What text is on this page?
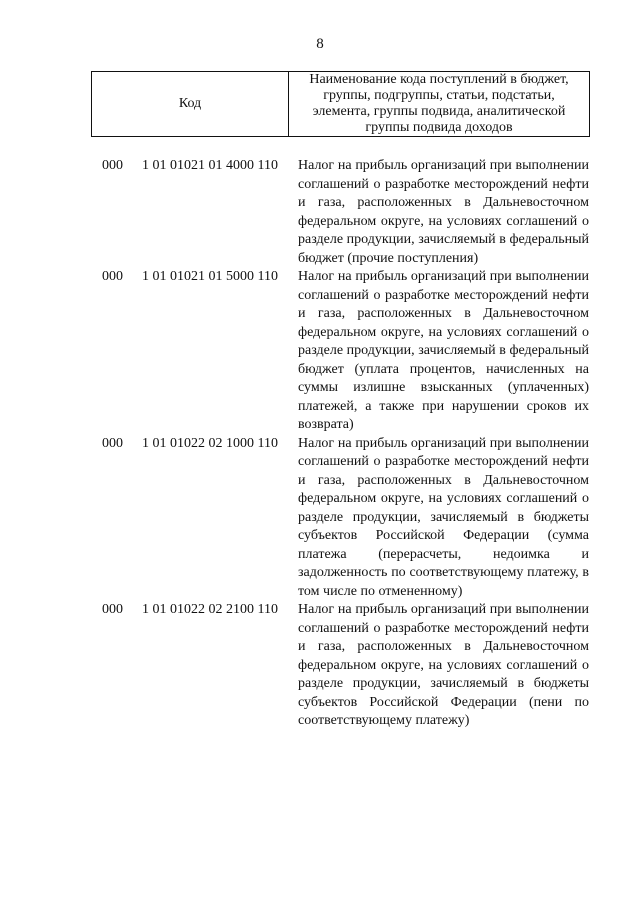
8
Код
Наименование кода поступлений в бюджет, группы, подгруппы, статьи, подстатьи, элемента, группы подвида, аналитической группы подвида доходов
000	1 01 01021 01 4000 110	Налог на прибыль организаций при выполнении соглашений о разработке месторождений нефти и газа, расположенных в Дальневосточном федеральном округе, на условиях соглашений о разделе продукции, зачисляемый в федеральный бюджет (прочие поступления)
000	1 01 01021 01 5000 110	Налог на прибыль организаций при выполнении соглашений о разработке месторождений нефти и газа, расположенных в Дальневосточном федеральном округе, на условиях соглашений о разделе продукции, зачисляемый в федеральный бюджет (уплата процентов, начисленных на суммы излишне взысканных (уплаченных) платежей, а также при нарушении сроков их возврата)
000	1 01 01022 02 1000 110	Налог на прибыль организаций при выполнении соглашений о разработке месторождений нефти и газа, расположенных в Дальневосточном федеральном округе, на условиях соглашений о разделе продукции, зачисляемый в бюджеты субъектов Российской Федерации (сумма платежа (перерасчеты, недоимка и задолженность по соответствующему платежу, в том числе по отмененному)
000	1 01 01022 02 2100 110	Налог на прибыль организаций при выполнении соглашений о разработке месторождений нефти и газа, расположенных в Дальневосточном федеральном округе, на условиях соглашений о разделе продукции, зачисляемый в бюджеты субъектов Российской Федерации (пени по соответствующему платежу)
